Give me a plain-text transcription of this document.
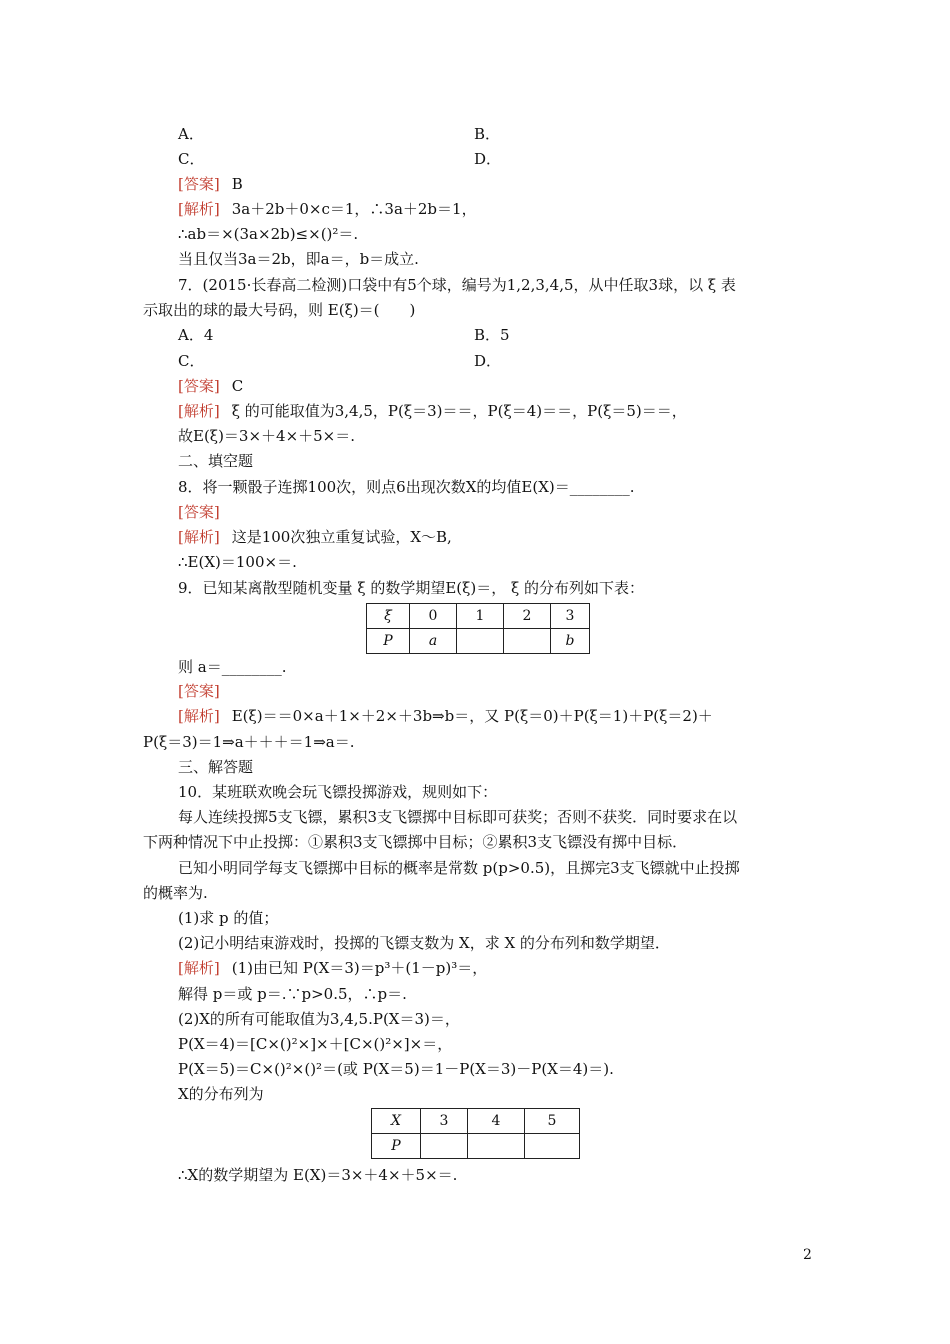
A．	B．
C．	D．
[答案] B
[解析] 3a＋2b＋0×c＝1，∴3a＋2b＝1，
∴ab＝×(3a×2b)≤×()²＝.
当且仅当3a＝2b，即a＝，b＝成立.
7．(2015·长春高二检测)口袋中有5个球，编号为1,2,3,4,5，从中任取3球，以 ξ 表
示取出的球的最大号码，则 E(ξ)＝(　　)
A．4	B．5
C．	D．
[答案] C
[解析] ξ 的可能取值为3,4,5，P(ξ＝3)＝＝，P(ξ＝4)＝＝，P(ξ＝5)＝＝，
故E(ξ)＝3×＋4×＋5×＝.
二、填空题
8．将一颗骰子连掷100次，则点6出现次数X的均值E(X)＝________.
[答案]
[解析] 这是100次独立重复试验，X～B,
∴E(X)＝100×＝.
9．已知某离散型随机变量 ξ 的数学期望E(ξ)＝， ξ 的分布列如下表：
ξ	0	1	2	3
P	a			b
则 a＝________.
[答案]
[解析] E(ξ)＝＝0×a＋1×＋2×＋3b⇒b＝，又 P(ξ＝0)＋P(ξ＝1)＋P(ξ＝2)＋
P(ξ＝3)＝1⇒a＋＋＋＝1⇒a＝.
三、解答题
10．某班联欢晚会玩飞镖投掷游戏，规则如下：
每人连续投掷5支飞镖，累积3支飞镖掷中目标即可获奖；否则不获奖．同时要求在以
下两种情况下中止投掷：①累积3支飞镖掷中目标；②累积3支飞镖没有掷中目标．
已知小明同学每支飞镖掷中目标的概率是常数 p(p>0.5)，且掷完3支飞镖就中止投掷
的概率为.
(1)求 p 的值；
(2)记小明结束游戏时，投掷的飞镖支数为 X，求 X 的分布列和数学期望．
[解析] (1)由已知 P(X＝3)＝p³＋(1－p)³＝，
解得 p＝或 p＝.∵p>0.5，∴p＝.
(2)X的所有可能取值为3,4,5.P(X＝3)＝，
P(X＝4)＝[C×()²×]×＋[C×()²×]×＝，
P(X＝5)＝C×()²×()²＝(或 P(X＝5)＝1－P(X＝3)－P(X＝4)＝).
X的分布列为
X	3	4	5
P			
∴X的数学期望为 E(X)＝3×＋4×＋5×＝.
2
